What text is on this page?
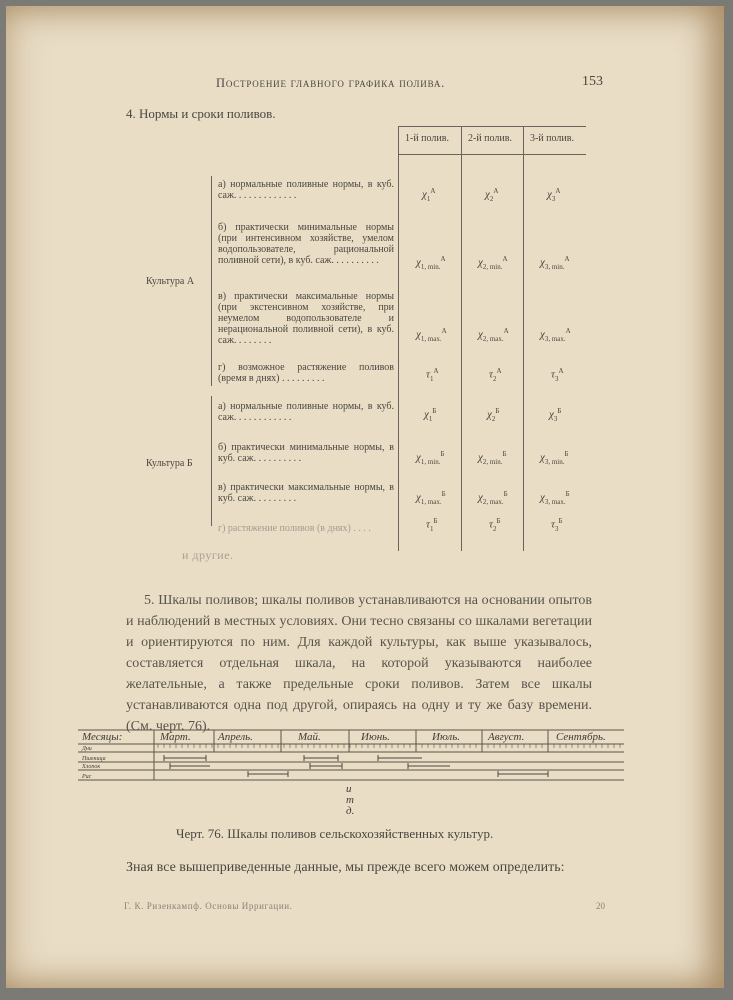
Построение главного графика полива.	153
4. Нормы и сроки поливов.
1-й полив. 2-й полив. 3-й полив.
Культура А
Культура Б
а) нормальные поливные нормы, в куб. саж. . . . . . . . . . . . .	$\chi_1^А$	$\chi_2^А$	$\chi_3^А$
б) практически минимальные нормы (при интенсивном хозяйстве, умелом водопользователе, рациональной поливной сети), в куб. саж. . . . . . . . . .	$\chi_{1, min.}^А$	$\chi_{2, min.}^А$	$\chi_{3, min.}^А$
в) практически максимальные нормы (при экстенсивном хозяйстве, при неумелом водопользователе и нерациональной поливной сети), в куб. саж. . . . . . . .	$\chi_{1, max.}^А$	$\chi_{2, max.}^А$	$\chi_{3, max.}^А$
г) возможное растяжение поливов (время в днях) . . . . . . . . .	$\tau_1^А$	$\tau_2^А$	$\tau_3^А$
а) нормальные поливные нормы, в куб. саж. . . . . . . . . . . .	$\chi_1^Б$	$\chi_2^Б$	$\chi_3^Б$
б) практически минимальные нормы, в куб. саж. . . . . . . . . .	$\chi_{1, min.}^Б$	$\chi_{2, min.}^Б$	$\chi_{3, min.}^Б$
в) практически максимальные нормы, в куб. саж. . . . . . . . .	$\chi_{1, max.}^Б$	$\chi_{2, max.}^Б$	$\chi_{3, max.}^Б$
г) растяжение поливов (в днях) . . . .	$\tau_1^Б$	$\tau_2^Б$	$\tau_3^Б$
и другие.

5. Шкалы поливов; шкалы поливов устанавливаются на основании опытов и наблюдений в местных условиях. Они тесно связаны со шкалами вегетации и ориентируются по ним. Для каждой культуры, как выше указывалось, составляется отдельная шкала, на которой указываются наиболее желательные, а также предельные сроки поливов. Затем все шкалы устанавливаются одна под другой, опираясь на одну и ту же базу времени. (См. черт. 76).

Месяцы:	Март. Апрель.	Май.	Июнь.	Июль.	Август.	Сентябрь.
Дни
Пшеница
Хлопок
Рис
и
т
д.
Черт. 76. Шкалы поливов сельскохозяйственных культур.

Зная все вышеприведенные данные, мы прежде всего можем определить:

Г. К. Ризенкампф. Основы Ирригации.	20
